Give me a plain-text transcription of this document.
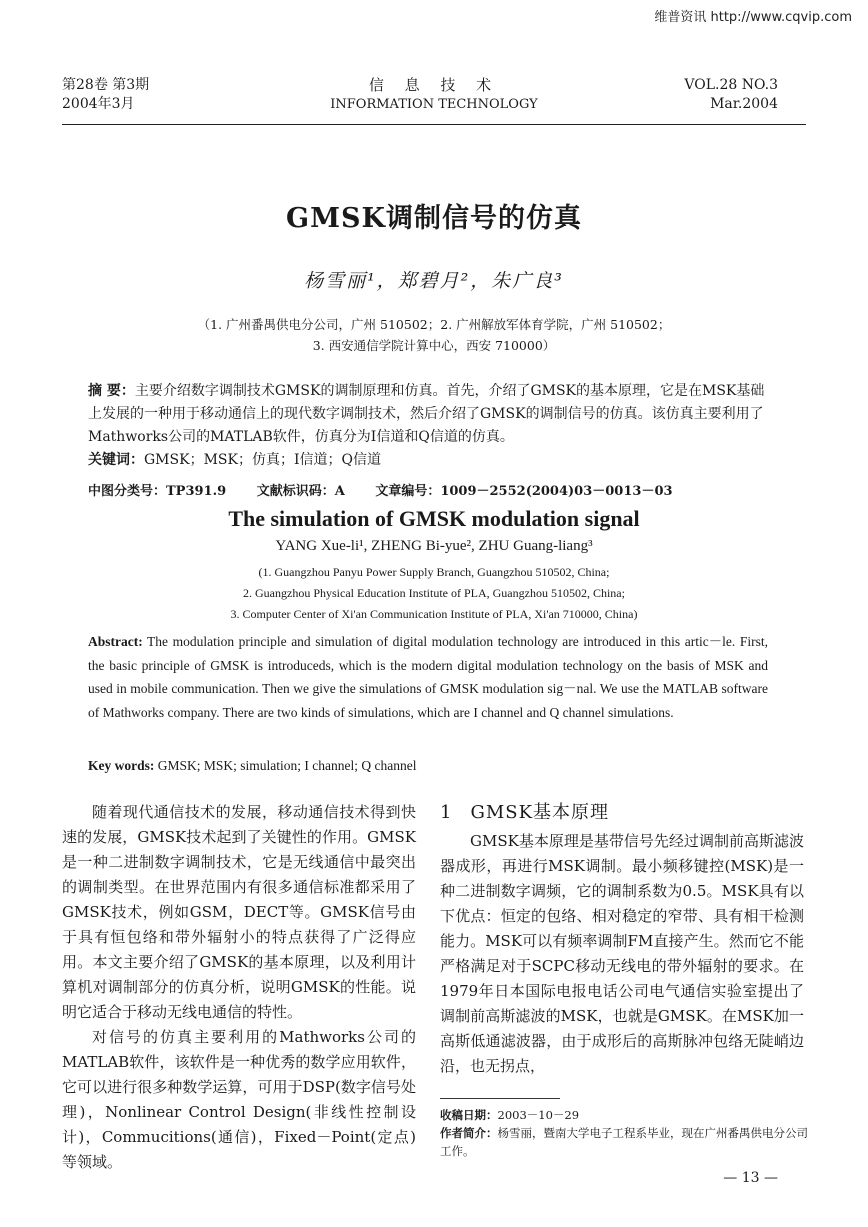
维普资讯 http://www.cqvip.com
第28卷 第3期
2004年3月
信 息 技 术
INFORMATION TECHNOLOGY
VOL.28 NO.3
Mar.2004
GMSK调制信号的仿真
杨雪丽¹，郑碧月²，朱广良³
（1. 广州番禺供电分公司，广州 510502；2. 广州解放军体育学院，广州 510502；
3. 西安通信学院计算中心，西安 710000）
摘 要：主要介绍数字调制技术GMSK的调制原理和仿真。首先，介绍了GMSK的基本原理，它是在MSK基础上发展的一种用于移动通信上的现代数字调制技术，然后介绍了GMSK的调制信号的仿真。该仿真主要利用了Mathworks公司的MATLAB软件，仿真分为I信道和Q信道的仿真。
关键词：GMSK；MSK；仿真；I信道；Q信道
中图分类号：TP391.9 文献标识码：A 文章编号：1009－2552(2004)03－0013－03
The simulation of GMSK modulation signal
YANG Xue-li¹, ZHENG Bi-yue², ZHU Guang-liang³
(1. Guangzhou Panyu Power Supply Branch, Guangzhou 510502, China;
2. Guangzhou Physical Education Institute of PLA, Guangzhou 510502, China;
3. Computer Center of Xi'an Communication Institute of PLA, Xi'an 710000, China)
Abstract: The modulation principle and simulation of digital modulation technology are introduced in this artic－le. First, the basic principle of GMSK is introduceds, which is the modern digital modulation technology on the basis of MSK and used in mobile communication. Then we give the simulations of GMSK modulation sig－nal. We use the MATLAB software of Mathworks company. There are two kinds of simulations, which are I channel and Q channel simulations.
Key words: GMSK; MSK; simulation; I channel; Q channel

随着现代通信技术的发展，移动通信技术得到快速的发展，GMSK技术起到了关键性的作用。GMSK是一种二进制数字调制技术，它是无线通信中最突出的调制类型。在世界范围内有很多通信标准都采用了GMSK技术，例如GSM，DECT等。GMSK信号由于具有恒包络和带外辐射小的特点获得了广泛得应用。本文主要介绍了GMSK的基本原理，以及利用计算机对调制部分的仿真分析，说明GMSK的性能。说明它适合于移动无线电通信的特性。

对信号的仿真主要利用的Mathworks公司的MATLAB软件，该软件是一种优秀的数学应用软件，它可以进行很多种数学运算，可用于DSP(数字信号处理)，Nonlinear Control Design(非线性控制设计)，Commucitions(通信)，Fixed－Point(定点)等领域。

1 GMSK基本原理

GMSK基本原理是基带信号先经过调制前高斯滤波器成形，再进行MSK调制。最小频移键控(MSK)是一种二进制数字调频，它的调制系数为0.5。MSK具有以下优点：恒定的包络、相对稳定的窄带、具有相干检测能力。MSK可以有频率调制FM直接产生。然而它不能严格满足对于SCPC移动无线电的带外辐射的要求。在1979年日本国际电报电话公司电气通信实验室提出了调制前高斯滤波的MSK，也就是GMSK。在MSK加一高斯低通滤波器，由于成形后的高斯脉冲包络无陡峭边沿，也无拐点，

收稿日期：2003－10－29
作者简介：杨雪丽，暨南大学电子工程系毕业，现在广州番禺供电分公司工作。
— 13 —
